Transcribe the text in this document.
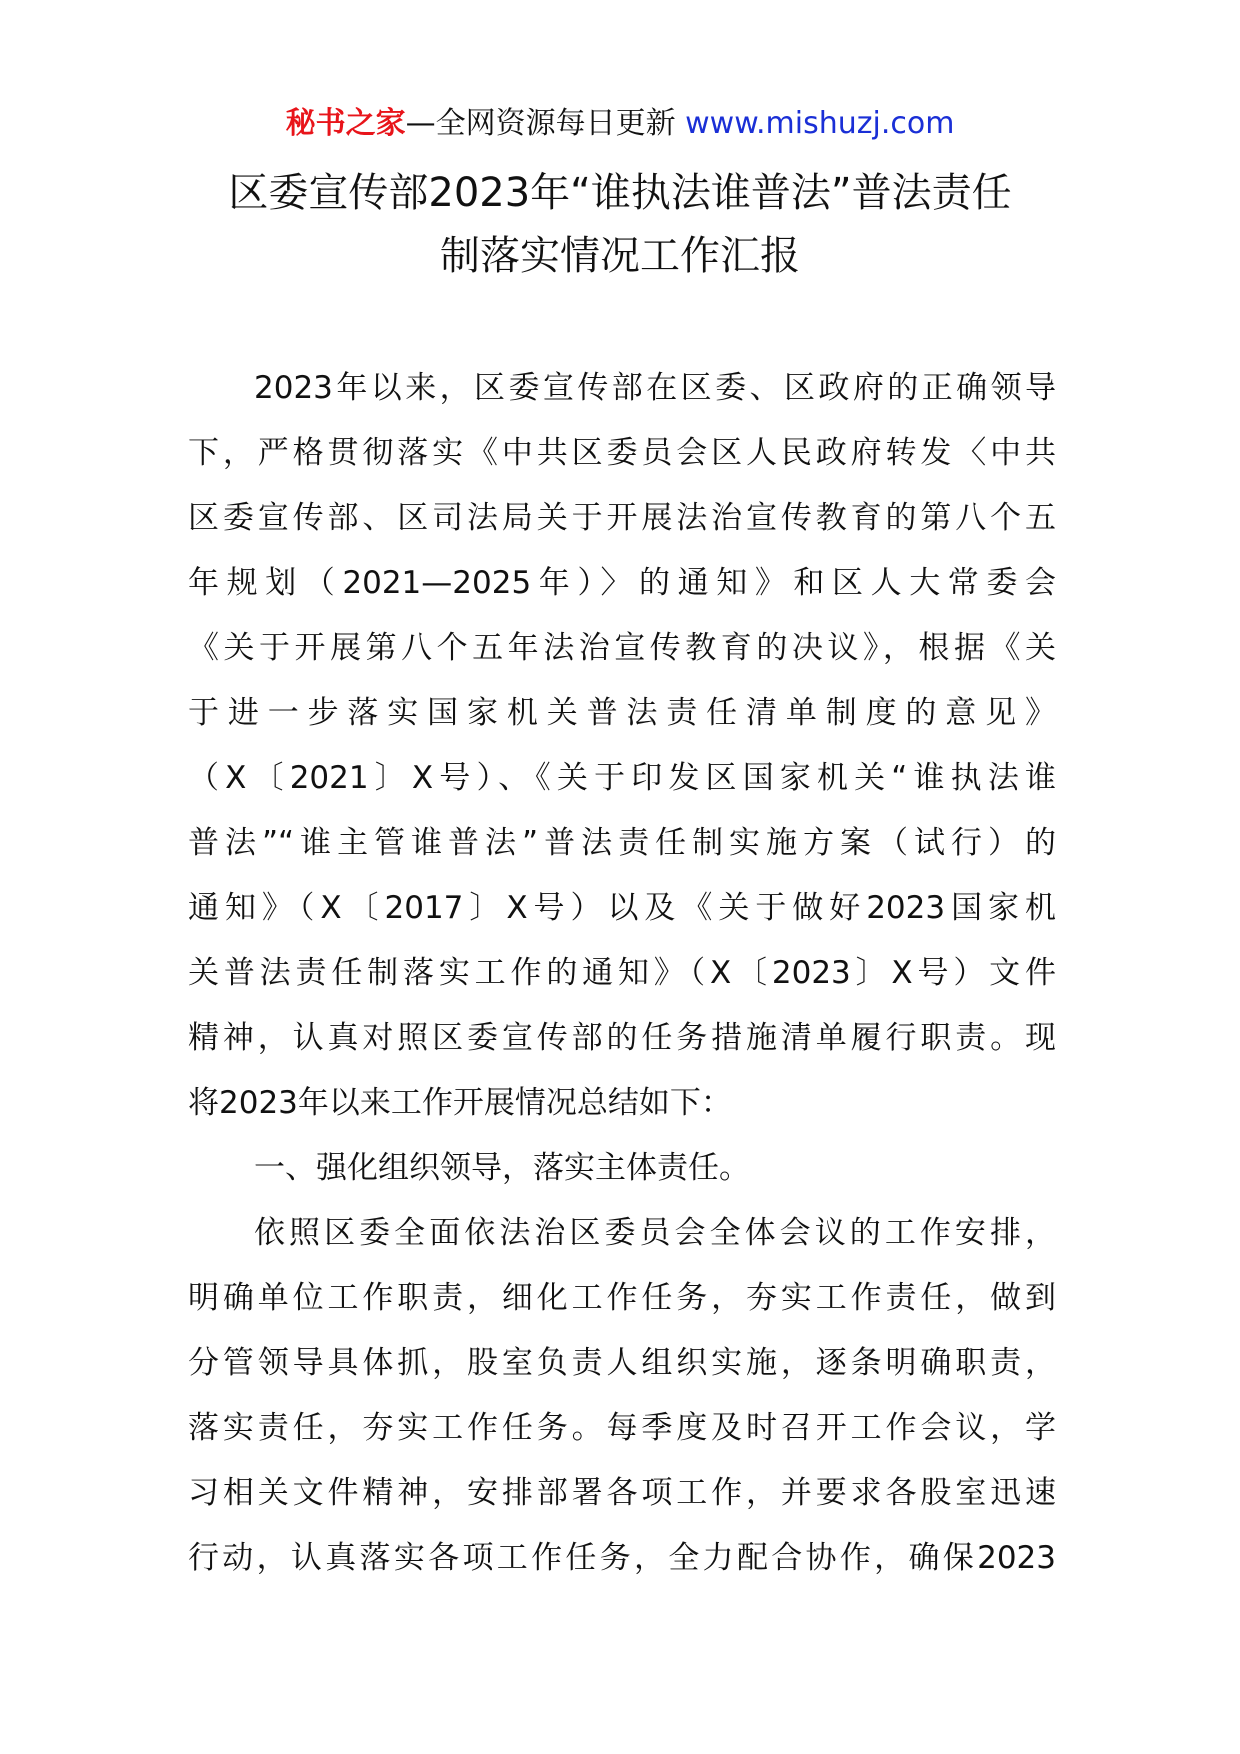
秘书之家—全网资源每日更新 www.mishuzj.com
区委宣传部2023年“谁执法谁普法”普法责任
制落实情况工作汇报
2023年以来，区委宣传部在区委、区政府的正确领导
下，严格贯彻落实《中共区委员会区人民政府转发〈中共
区委宣传部、区司法局关于开展法治宣传教育的第八个五
年规划（2021—2025年）〉的通知》和区人大常委会
《关于开展第八个五年法治宣传教育的决议》，根据《关
于进一步落实国家机关普法责任清单制度的意见》
（X〔2021〕X号）、《关于印发区国家机关“谁执法谁
普法”“谁主管谁普法”普法责任制实施方案（试行）的
通知》（X〔2017〕X号）以及《关于做好2023国家机
关普法责任制落实工作的通知》（X〔2023〕X号）文件
精神，认真对照区委宣传部的任务措施清单履行职责。现
将2023年以来工作开展情况总结如下：
一、强化组织领导，落实主体责任。
依照区委全面依法治区委员会全体会议的工作安排，
明确单位工作职责，细化工作任务，夯实工作责任，做到
分管领导具体抓，股室负责人组织实施，逐条明确职责，
落实责任，夯实工作任务。每季度及时召开工作会议，学
习相关文件精神，安排部署各项工作，并要求各股室迅速
行动，认真落实各项工作任务，全力配合协作，确保2023
